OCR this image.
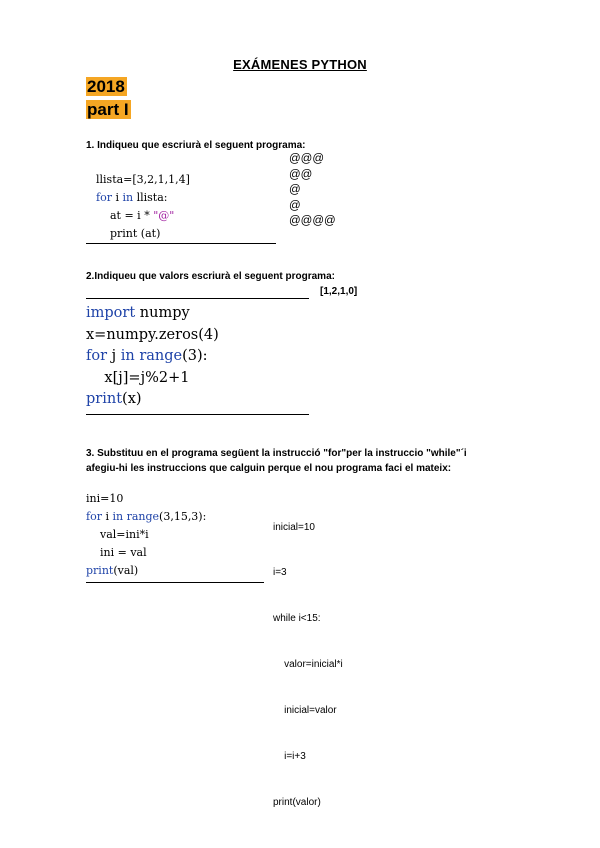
EXÁMENES PYTHON
2018
part I
1. Indiqueu que escriurà el seguent programa:
llista=[3,2,1,1,4]
for i in llista:
at = i * "@"
print (at)
@@@
@@
@
@
@@@@
2.Indiqueu que valors escriurà el seguent programa:
[1,2,1,0]
import numpy
x=numpy.zeros(4)
for j in range(3):
x[j]=j%2+1
print(x)
3. Substituu en el programa següent la instrucció "for"per la instruccio "while"´i
afegiu-hi les instruccions que calguin perque el nou programa faci el mateix:
ini=10
for i in range(3,15,3):
val=ini*i
ini = val
print(val)

inicial=10

i=3

while i<15:

valor=inicial*i

inicial=valor

i=i+3

print(valor)
